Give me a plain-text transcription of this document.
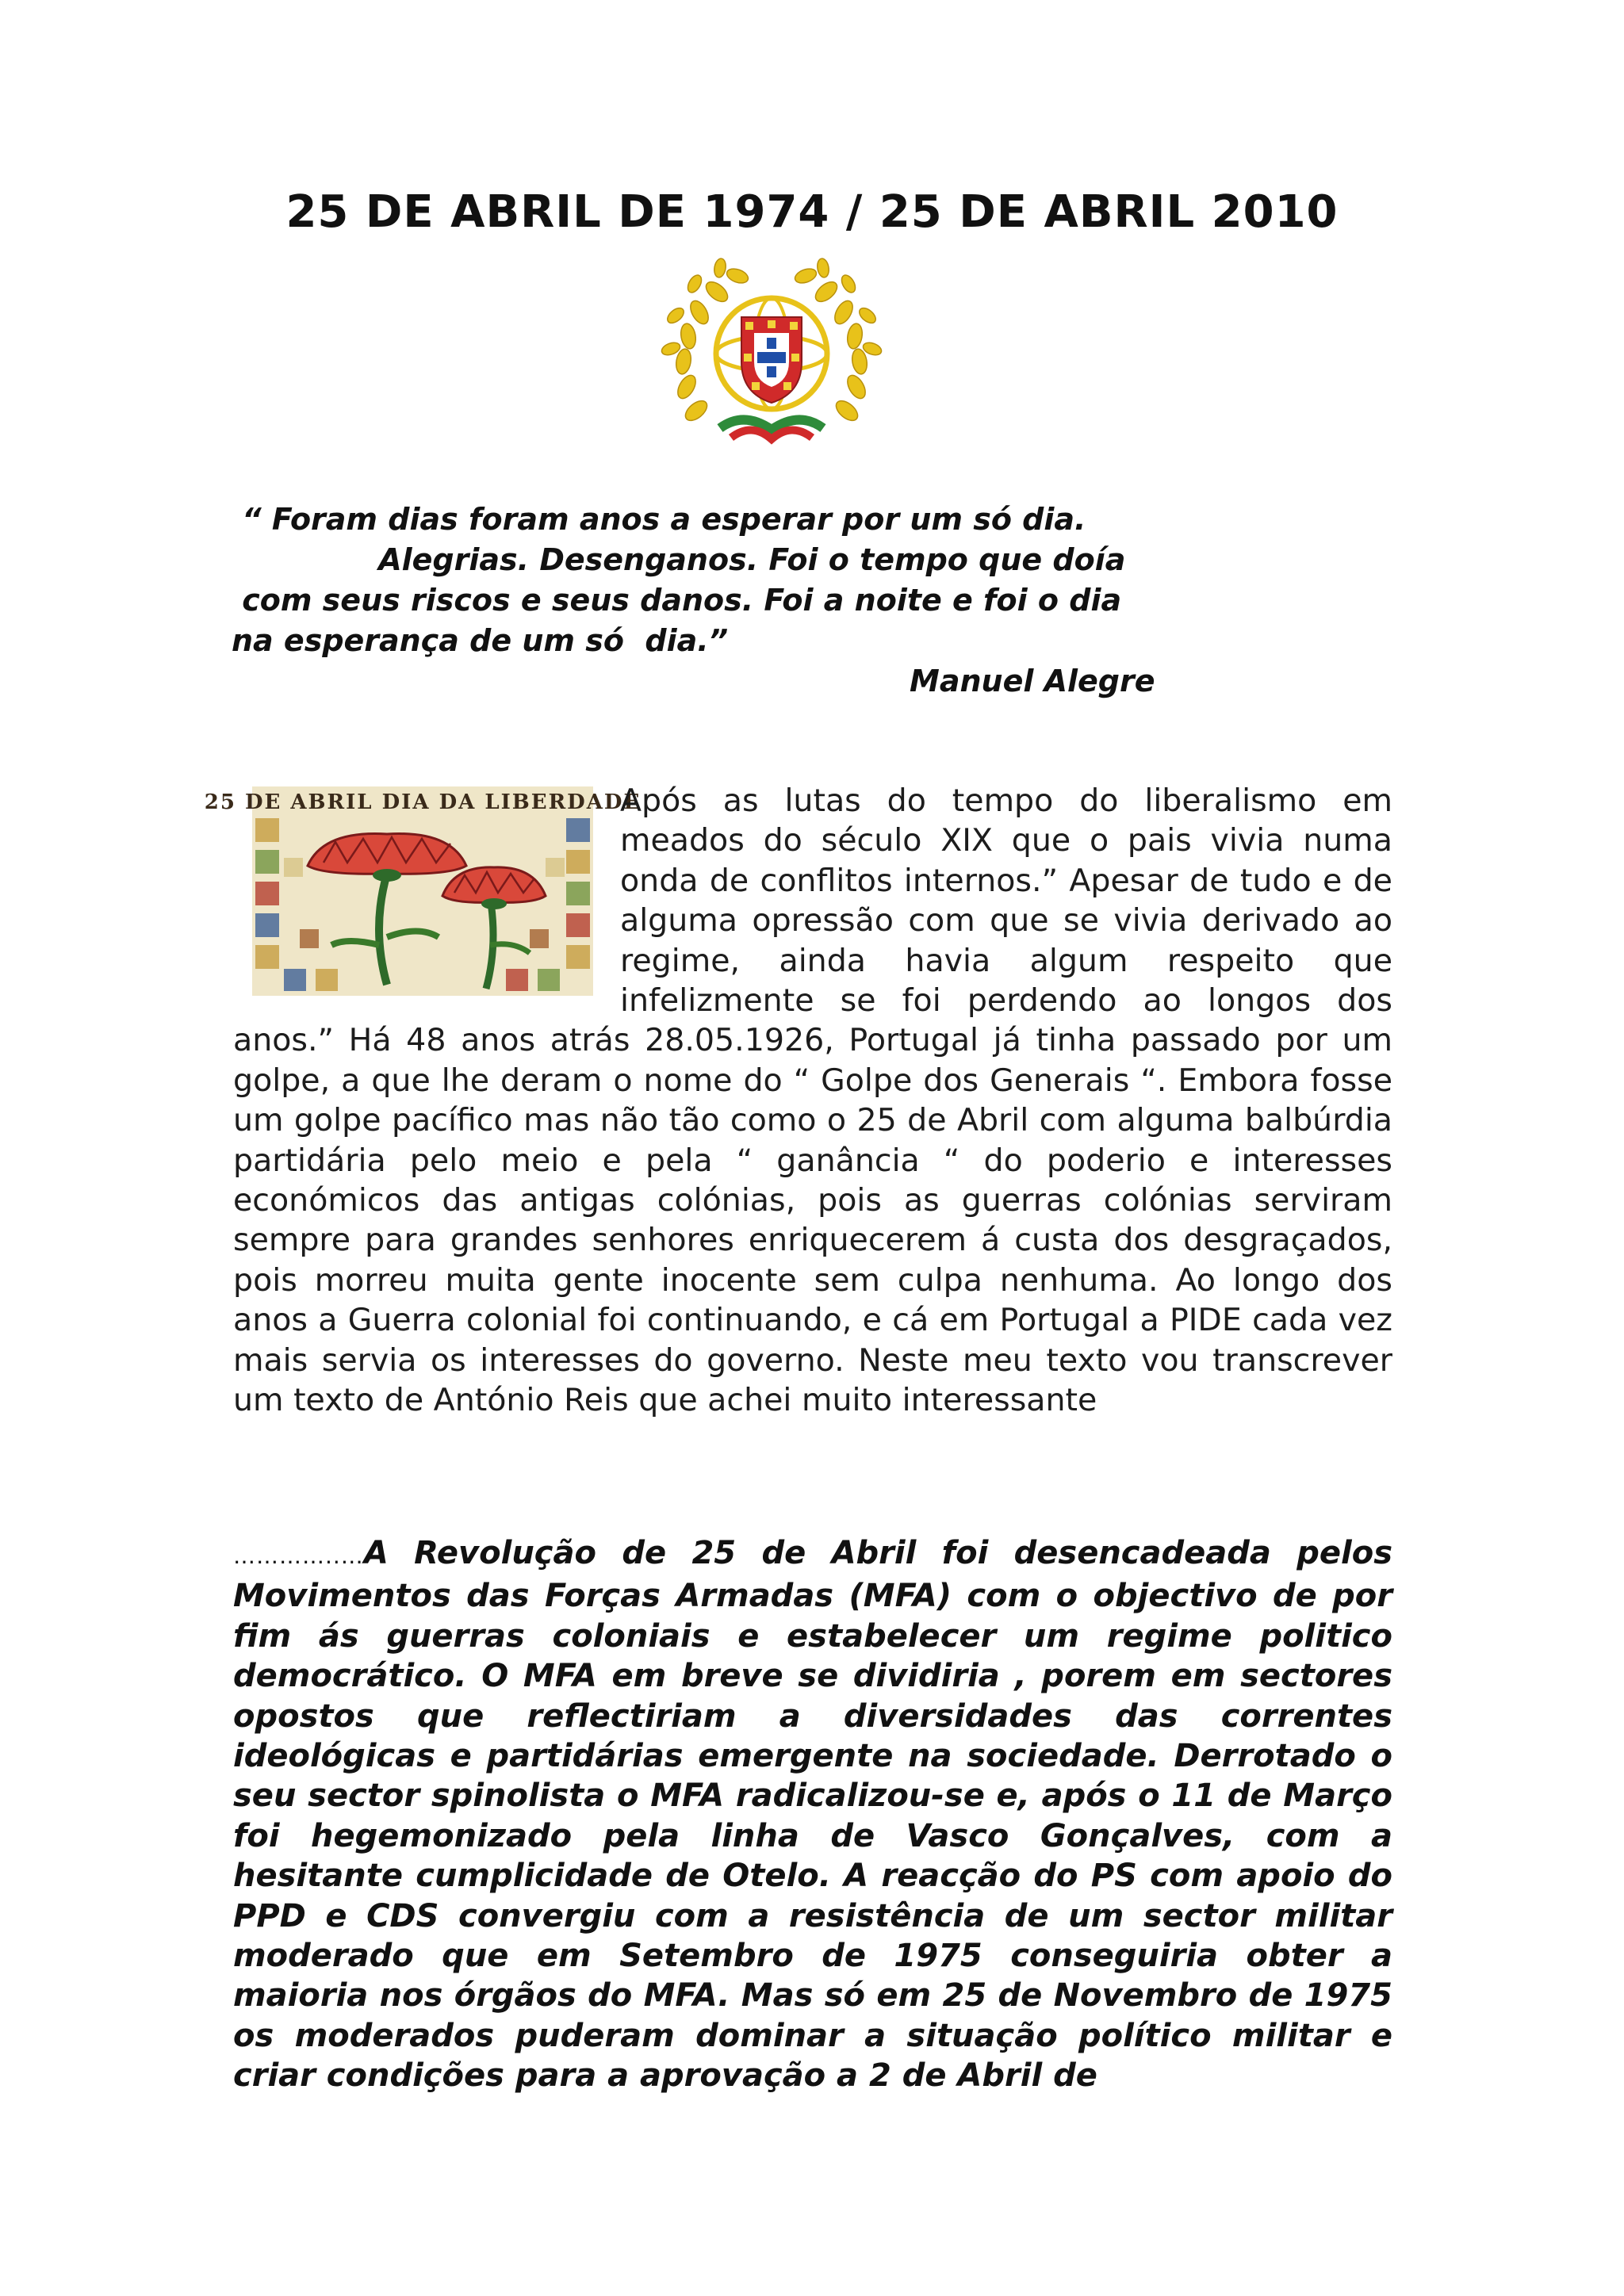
25 DE ABRIL DE 1974 / 25 DE ABRIL 2010
“ Foram dias foram anos a esperar por um só dia.
Alegrias. Desenganos. Foi o tempo que doía
com seus riscos e seus danos. Foi a noite e foi o dia
na esperança de um só  dia.”
Manuel Alegre
25 DE ABRIL DIA DA LIBERDADE
Após as lutas do tempo do liberalismo em meados do século XIX que o pais vivia numa onda de conflitos internos.” Apesar de tudo e de alguma opressão com que se vivia derivado ao regime, ainda havia algum respeito que infelizmente se foi perdendo ao longos dos anos.” Há 48 anos atrás 28.05.1926, Portugal já tinha passado por um golpe, a que lhe deram o nome do “ Golpe dos Generais “. Embora fosse um golpe pacífico mas não tão como o 25 de Abril com alguma balbúrdia partidária pelo meio e pela “ ganância “ do poderio e interesses económicos das antigas colónias, pois as guerras colónias serviram sempre para grandes senhores enriquecerem á custa dos desgraçados, pois morreu muita gente inocente sem culpa nenhuma. Ao longo dos anos a Guerra colonial foi continuando, e cá em Portugal a PIDE cada vez mais servia os interesses do governo. Neste meu texto vou transcrever um texto de António Reis que achei muito interessante
…………..…A Revolução de 25 de Abril foi desencadeada pelos Movimentos das Forças Armadas (MFA) com o objectivo de por fim ás guerras coloniais e estabelecer um regime politico democrático. O MFA em breve se dividiria , porem em sectores opostos que reflectiriam a diversidades das correntes ideológicas e partidárias emergente na sociedade. Derrotado o seu sector spinolista o MFA radicalizou-se e, após o 11 de Março foi hegemonizado pela linha de Vasco Gonçalves, com a hesitante cumplicidade de Otelo. A reacção do PS com apoio do PPD e CDS convergiu com a resistência de um sector militar moderado que em Setembro de 1975 conseguiria obter a maioria nos órgãos do MFA. Mas só em 25 de Novembro de 1975 os moderados puderam dominar a situação político militar e criar condições para a aprovação a 2 de Abril de
